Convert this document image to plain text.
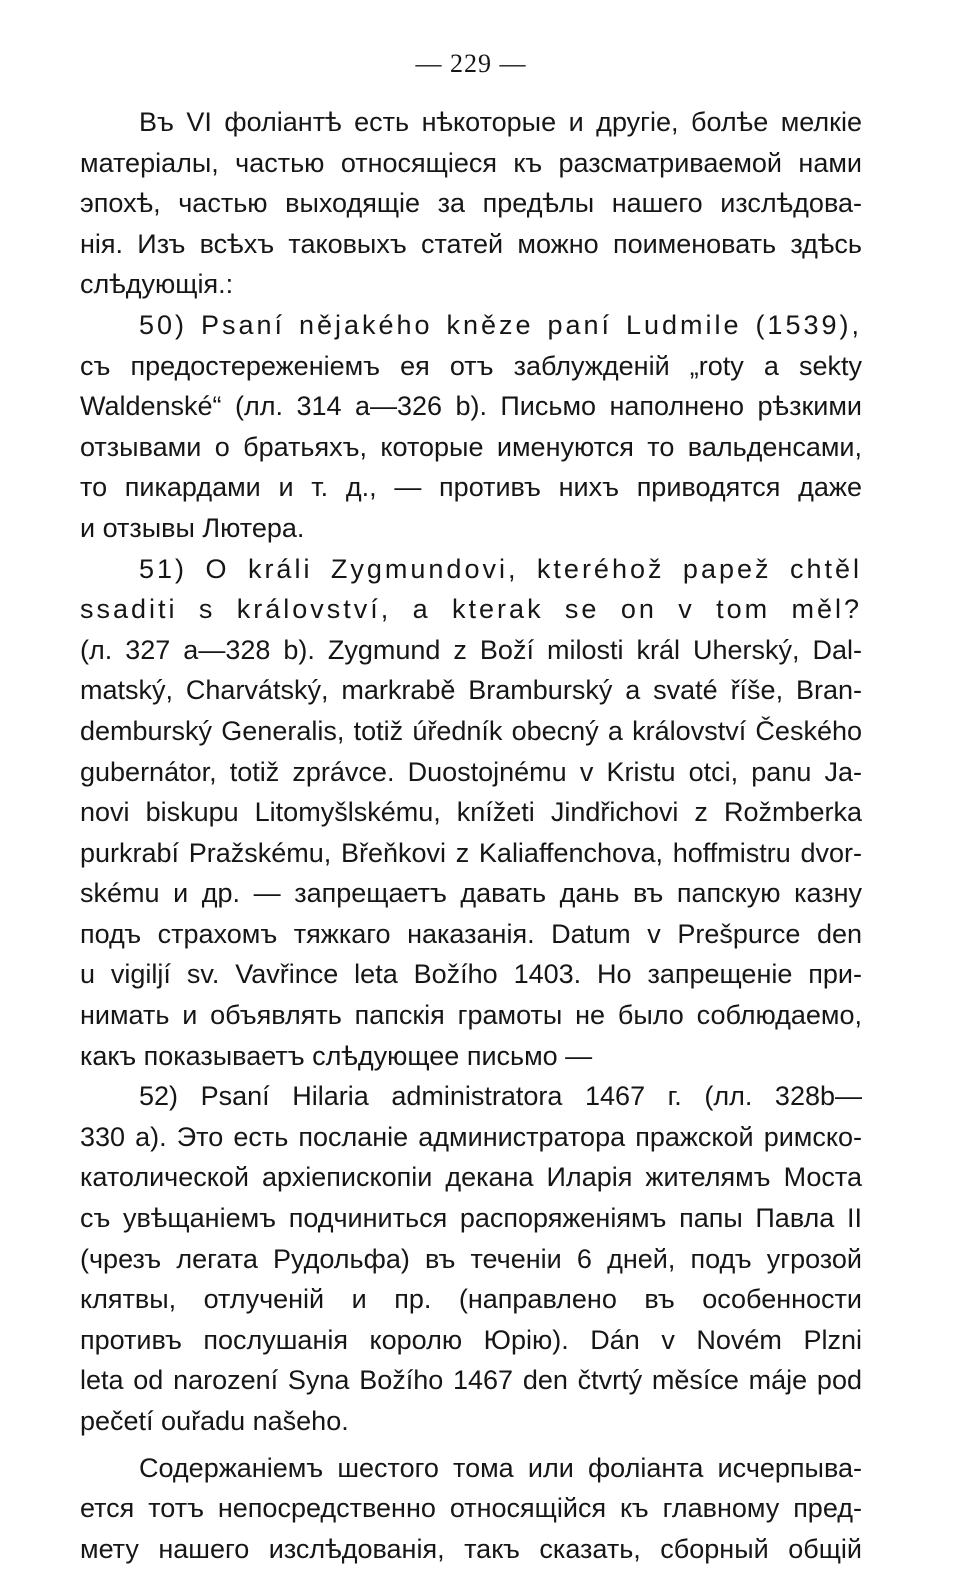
— 229 —
Въ VI фоліантѣ есть нѣкоторые и другіе, болѣе мелкіе
матеріалы, частью относящіеся къ разсматриваемой нами
эпохѣ, частью выходящіе за предѣлы нашего изслѣдова-
нія. Изъ всѣхъ таковыхъ статей можно поименовать здѣсь
слѣдующія.:
50) Psaní nějakého kněze paní Ludmile (1539),
съ предостереженіемъ ея отъ заблужденій „roty a sekty
Waldenské“ (лл. 314 a—326 b). Письмо наполнено рѣзкими
отзывами о братьяхъ, которые именуются то вальденсами,
то пикардами и т. д., — противъ нихъ приводятся даже
и отзывы Лютера.
51) O králi Zygmundovi, kteréhož papež chtěl
ssaditi s království, a kterak se on v tom měl?
(л. 327 a—328 b). Zygmund z Boží milosti král Uherský, Dal-
matský, Charvátský, markrabě Bramburský a svaté říše, Bran-
demburský Generalis, totiž úředník obecný a království Českého
gubernátor, totiž zprávce. Duostojnému v Kristu otci, panu Ja-
novi biskupu Litomyšlskému, knížeti Jindřichovi z Rožmberka
purkrabí Pražskému, Břeňkovi z Kaliaffenchova, hoffmistru dvor-
skému и др. — запрещаетъ давать дань въ папскую казну
подъ страхомъ тяжкаго наказанія. Datum v Prešpurce den
u vigiljí sv. Vavřince leta Božího 1403. Но запрещеніе при-
нимать и объявлять папскія грамоты не было соблюдаемо,
какъ показываетъ слѣдующее письмо —
52) Psaní Hilaria administratora 1467 г. (лл. 328b—
330 a). Это есть посланіе администратора пражской римско-
католической архіепископіи декана Иларія жителямъ Моста
съ увѣщаніемъ подчиниться распоряженіямъ папы Павла II
(чрезъ легата Рудольфа) въ теченіи 6 дней, подъ угрозой
клятвы, отлученій и пр. (направлено въ особенности
противъ послушанія королю Юрію). Dán v Novém Plzni
leta od narození Syna Božího 1467 den čtvrtý měsíce máje pod
pečetí ouřadu našeho.
Содержаніемъ шестого тома или фоліанта исчерпыва-
ется тотъ непосредственно относящійся къ главному пред-
мету нашего изслѣдованія, такъ сказать, сборный общій
